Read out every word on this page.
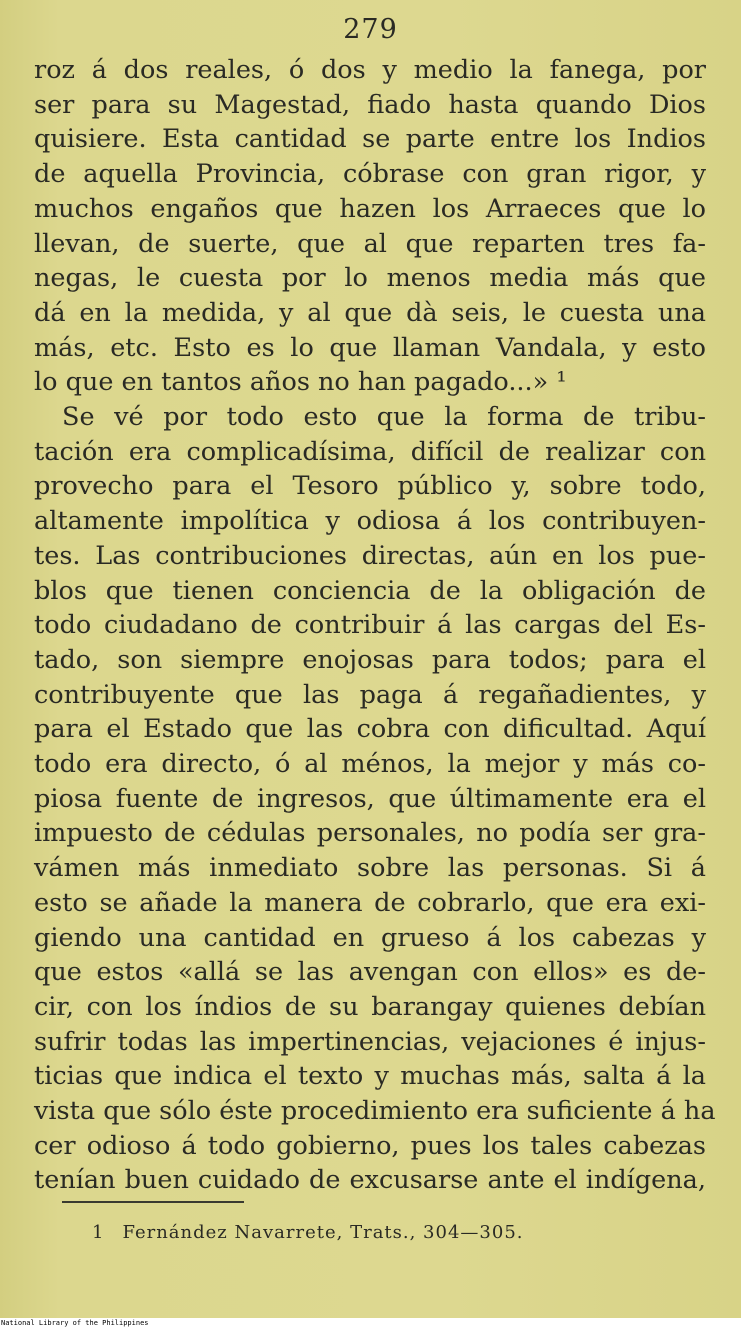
279
roz á dos reales, ó dos y medio la fanega, por
ser para su Magestad, fiado hasta quando Dios
quisiere. Esta cantidad se parte entre los Indios
de aquella Provincia, cóbrase con gran rigor, y
muchos engaños que hazen los Arraeces que lo
llevan, de suerte, que al que reparten tres fa-
negas, le cuesta por lo menos media más que
dá en la medida, y al que dà seis, le cuesta una
más, etc. Esto es lo que llaman Vandala, y esto
lo que en tantos años no han pagado...» ¹
Se vé por todo esto que la forma de tribu-
tación era complicadísima, difícil de realizar con
provecho para el Tesoro público y, sobre todo,
altamente impolítica y odiosa á los contribuyen-
tes. Las contribuciones directas, aún en los pue-
blos que tienen conciencia de la obligación de
todo ciudadano de contribuir á las cargas del Es-
tado, son siempre enojosas para todos; para el
contribuyente que las paga á regañadientes, y
para el Estado que las cobra con dificultad. Aquí
todo era directo, ó al ménos, la mejor y más co-
piosa fuente de ingresos, que últimamente era el
impuesto de cédulas personales, no podía ser gra-
vámen más inmediato sobre las personas. Si á
esto se añade la manera de cobrarlo, que era exi-
giendo una cantidad en grueso á los cabezas y
que estos «allá se las avengan con ellos» es de-
cir, con los índios de su barangay quienes debían
sufrir todas las impertinencias, vejaciones é injus-
ticias que indica el texto y muchas más, salta á la
vista que sólo éste procedimiento era suficiente á ha
cer odioso á todo gobierno, pues los tales cabezas
1 Fernández Navarrete, Trats., 304—305.
tenían buen cuidado de excusarse ante el indígena,
National Library of the Philippines
